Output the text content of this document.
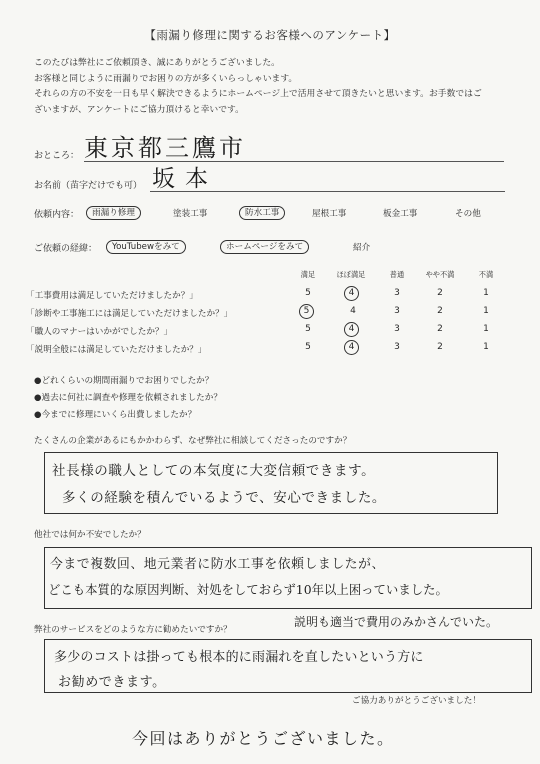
【雨漏り修理に関するお客様へのアンケート】
このたびは弊社にご依頼頂き、誠にありがとうございました。
お客様と同じように雨漏りでお困りの方が多くいらっしゃいます。
それらの方の不安を一日も早く解決できるようにホームページ上で活用させて頂きたいと思います。お手数ではご
ざいますが、アンケートにご協力頂けると幸いです。
おところ： 東京都三鷹市
お名前（苗字だけでも可） 坂本
依頼内容： 雨漏り修理	塗装工事	防水工事	屋根工事	板金工事	その他
ご依頼の経緯： YouTubewをみて	ホームページをみて	紹介
満足	ほぼ満足	普通	やや不満	不満
「工事費用は満足していただけましたか？」	5	4	3	2	1
「診断や工事施工には満足していただけましたか？」	5	4	3	2	1
「職人のマナーはいかがでしたか？」	5	4	3	2	1
「説明全般には満足していただけましたか？」	5	4	3	2	1
●どれくらいの期間雨漏りでお困りでしたか？
●過去に何社に調査や修理を依頼されましたか？
●今までに修理にいくら出費しましたか？
たくさんの企業があるにもかかわらず、なぜ弊社に相談してくださったのですか？
社長様の職人としての本気度に大変信頼できます。
多くの経験を積んでいるようで、安心できました。
他社では何か不安でしたか？
今まで複数回、地元業者に防水工事を依頼しましたが、
どこも本質的な原因判断、対処をしておらず10年以上困っていました。
弊社のサービスをどのような方に勧めたいですか？
説明も適当で費用のみかさんでいた。
多少のコストは掛っても根本的に雨漏れを直したいという方に
お勧めできます。
ご協力ありがとうございました！
今回はありがとうございました。
